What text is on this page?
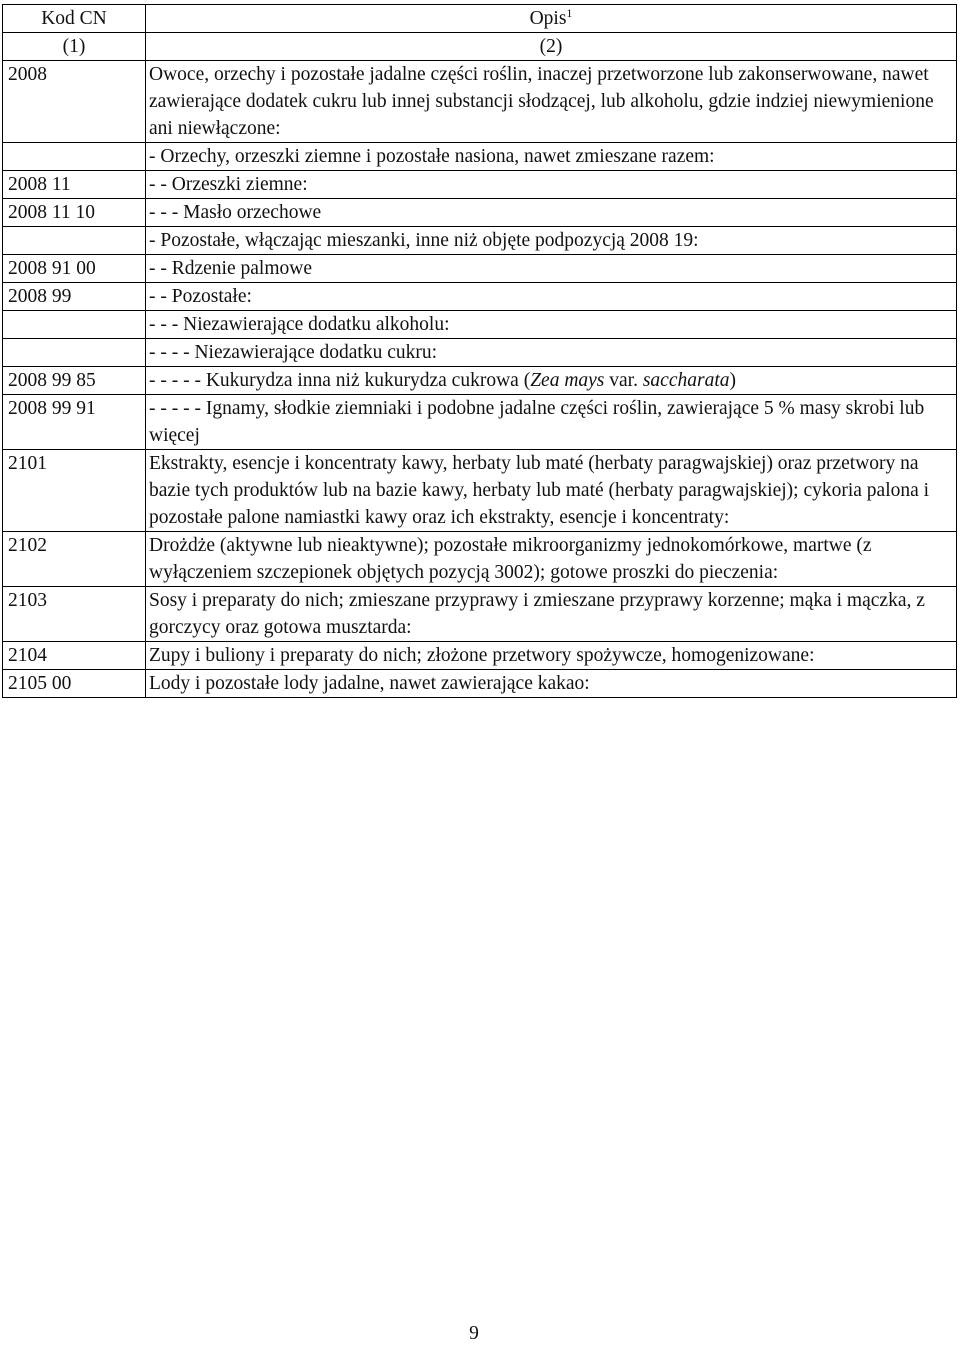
Kod CN	Opis$^1$
(1)	(2)
2008	Owoce, orzechy i pozostałe jadalne części roślin, inaczej przetworzone lub zakonserwowane, nawet zawierające dodatek cukru lub innej substancji słodzącej, lub alkoholu, gdzie indziej niewymienione ani niewłączone:
	- Orzechy, orzeszki ziemne i pozostałe nasiona, nawet zmieszane razem:
2008 11	- - Orzeszki ziemne:
2008 11 10	- - - Masło orzechowe
	- Pozostałe, włączając mieszanki, inne niż objęte podpozycją 2008 19:
2008 91 00	- - Rdzenie palmowe
2008 99	- - Pozostałe:
	- - - Niezawierające dodatku alkoholu:
	- - - - Niezawierające dodatku cukru:
2008 99 85	- - - - - Kukurydza inna niż kukurydza cukrowa (Zea mays var. saccharata)
2008 99 91	- - - - - Ignamy, słodkie ziemniaki i podobne jadalne części roślin, zawierające 5 % masy skrobi lub więcej
2101	Ekstrakty, esencje i koncentraty kawy, herbaty lub maté (herbaty paragwajskiej) oraz przetwory na bazie tych produktów lub na bazie kawy, herbaty lub maté (herbaty paragwajskiej); cykoria palona i pozostałe palone namiastki kawy oraz ich ekstrakty, esencje i koncentraty:
2102	Drożdże (aktywne lub nieaktywne); pozostałe mikroorganizmy jednokomórkowe, martwe (z wyłączeniem szczepionek objętych pozycją 3002); gotowe proszki do pieczenia:
2103	Sosy i preparaty do nich; zmieszane przyprawy i zmieszane przyprawy korzenne; mąka i mączka, z gorczycy oraz gotowa musztarda:
2104	Zupy i buliony i preparaty do nich; złożone przetwory spożywcze, homogenizowane:
2105 00	Lody i pozostałe lody jadalne, nawet zawierające kakao:
9
